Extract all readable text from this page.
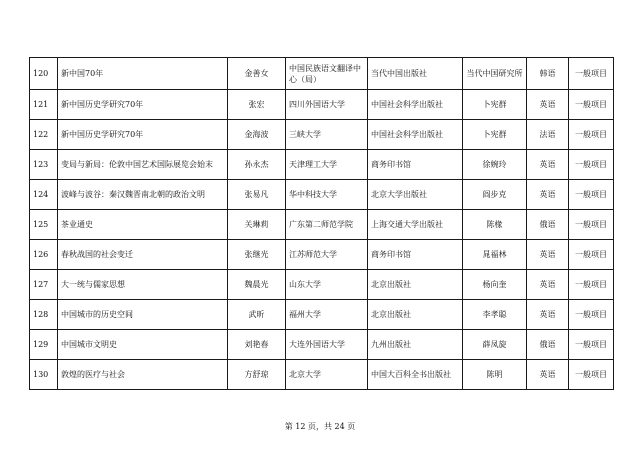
120	新中国70年	金善女	中国民族语文翻译中心（局）	当代中国出版社	当代中国研究所	韩语	一般项目
121	新中国历史学研究70年	张宏	四川外国语大学	中国社会科学出版社	卜宪群	英语	一般项目
122	新中国历史学研究70年	金海波	三峡大学	中国社会科学出版社	卜宪群	法语	一般项目
123	变局与新局：伦敦中国艺术国际展览会始末	孙永杰	天津理工大学	商务印书馆	徐婉玲	英语	一般项目
124	波峰与波谷：秦汉魏晋南北朝的政治文明	张易凡	华中科技大学	北京大学出版社	阎步克	英语	一般项目
125	茶业通史	关琳莉	广东第二师范学院	上海交通大学出版社	陈椽	俄语	一般项目
126	春秋战国的社会变迁	张继光	江苏师范大学	商务印书馆	晁福林	英语	一般项目
127	大一统与儒家思想	魏晨光	山东大学	北京出版社	杨向奎	英语	一般项目
128	中国城市的历史空间	武昕	福州大学	北京出版社	李孝聪	英语	一般项目
129	中国城市文明史	刘艳春	大连外国语大学	九州出版社	薛凤旋	俄语	一般项目
130	敦煌的医疗与社会	方舒琼	北京大学	中国大百科全书出版社	陈明	英语	一般项目
第 12 页，共 24 页
